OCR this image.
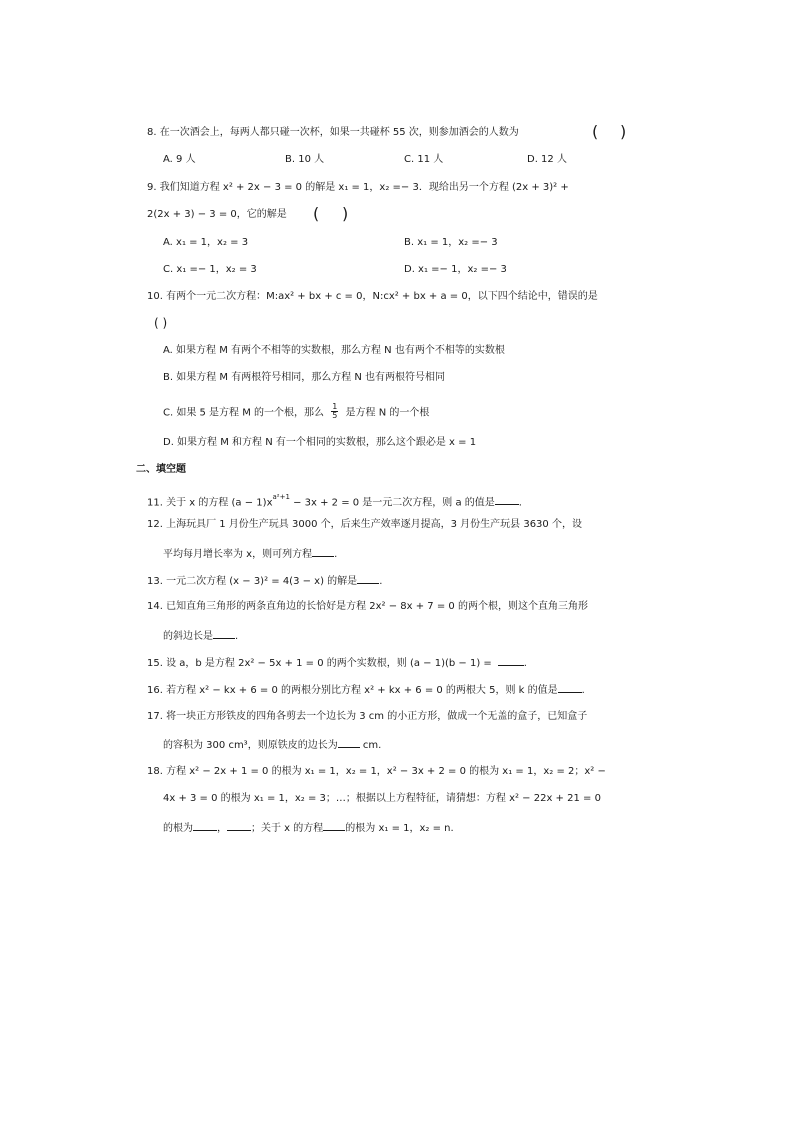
8. 在一次酒会上，每两人都只碰一次杯，如果一共碰杯 55 次，则参加酒会的人数为	( )
A. 9 人	B. 10 人	C. 11 人	D. 12 人
9. 我们知道方程 x² + 2x − 3 = 0 的解是 x₁ = 1，x₂ =− 3．现给出另一个方程 (2x + 3)² +
2(2x + 3) − 3 = 0，它的解是 ( )
A. x₁ = 1，x₂ = 3	B. x₁ = 1，x₂ =− 3
C. x₁ =− 1，x₂ = 3	D. x₁ =− 1，x₂ =− 3
10. 有两个一元二次方程：M:ax² + bx + c = 0，N:cx² + bx + a = 0，以下四个结论中，错误的是
( )
A. 如果方程 M 有两个不相等的实数根，那么方程 N 也有两个不相等的实数根
B. 如果方程 M 有两根符号相同，那么方程 N 也有两根符号相同
C. 如果 5 是方程 M 的一个根，那么 $\frac{1}{5}$ 是方程 N 的一个根
D. 如果方程 M 和方程 N 有一个相同的实数根，那么这个跟必是 x = 1
二、填空题
11. 关于 x 的方程 $(a - 1)x^{a^2+1} - 3x + 2 = 0$ 是一元二次方程，则 a 的值是 .
12. 上海玩具厂 1 月份生产玩具 3000 个，后来生产效率逐月提高，3 月份生产玩县 3630 个，设
平均每月增长率为 x，则可列方程 .
13. 一元二次方程 (x − 3)² = 4(3 − x) 的解是 .
14. 已知直角三角形的两条直角边的长恰好是方程 2x² − 8x + 7 = 0 的两个根，则这个直角三角形
的斜边长是 .
15. 设 a，b 是方程 2x² − 5x + 1 = 0 的两个实数根，则 (a − 1)(b − 1) =	.
16. 若方程 x² − kx + 6 = 0 的两根分别比方程 x² + kx + 6 = 0 的两根大 5，则 k 的值是 .
17. 将一块正方形铁皮的四角各剪去一个边长为 3 cm 的小正方形，做成一个无盖的盒子，已知盒子
的容积为 300 cm³，则原铁皮的边长为 cm.
18. 方程 x² − 2x + 1 = 0 的根为 x₁ = 1，x₂ = 1，x² − 3x + 2 = 0 的根为 x₁ = 1，x₂ = 2；x² −
4x + 3 = 0 的根为 x₁ = 1，x₂ = 3；…；根据以上方程特征，请猜想：方程 x² − 22x + 21 = 0
的根为 ， ；关于 x 的方程 的根为 x₁ = 1，x₂ = n.
